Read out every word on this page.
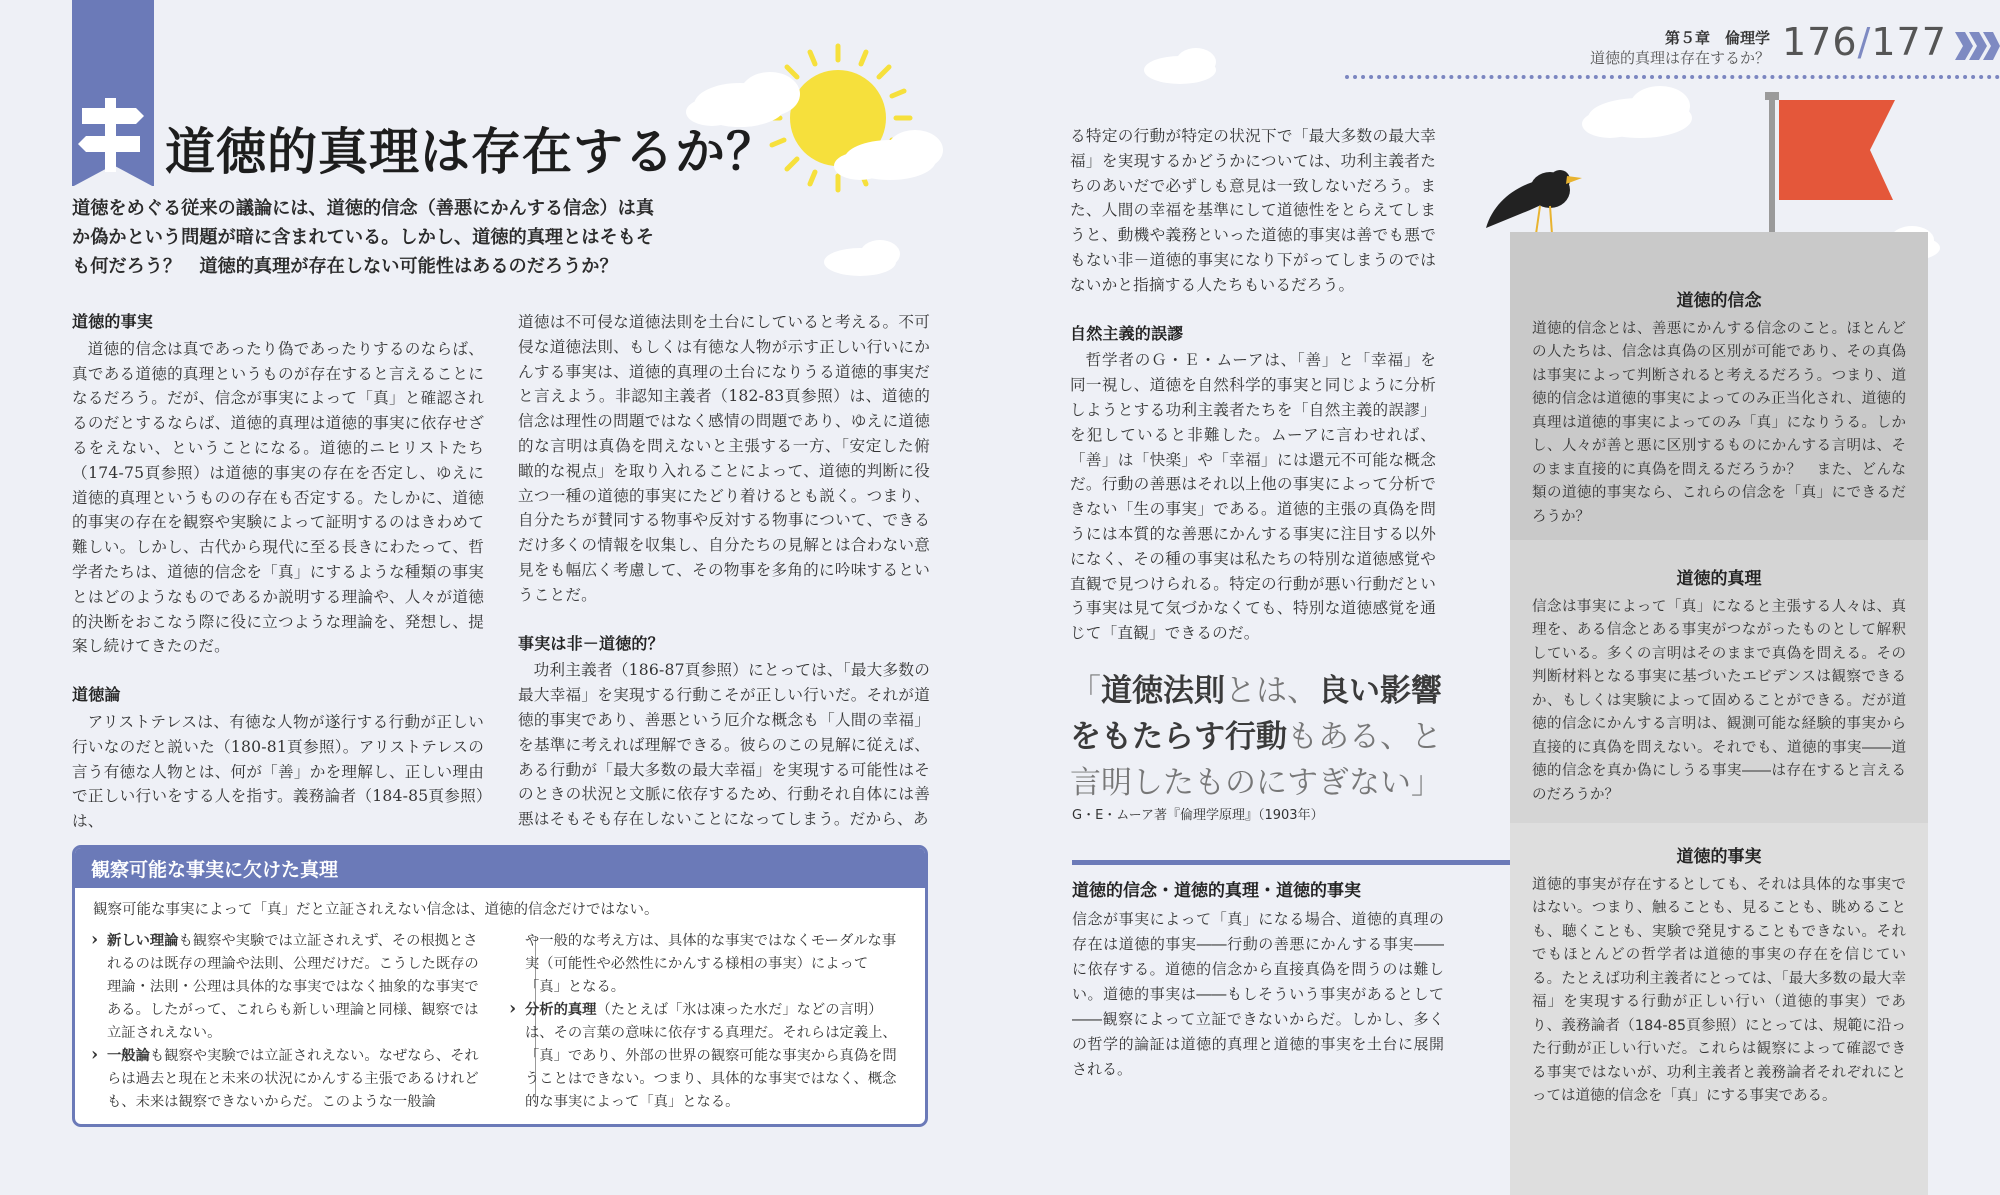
道徳的真理は存在するか？
道徳をめぐる従来の議論には、道徳的信念（善悪にかんする信念）は真か偽かという問題が暗に含まれている。しかし、道徳的真理とはそもそも何だろう？　道徳的真理が存在しない可能性はあるのだろうか？
第５章　倫理学
道徳的真理は存在するか？ 176/177
道徳的事実

道徳的信念は真であったり偽であったりするのならば、真である道徳的真理というものが存在すると言えることになるだろう。だが、信念が事実によって「真」と確認されるのだとするならば、道徳的真理は道徳的事実に依存せざるをえない、ということになる。道徳的ニヒリストたち（174-75頁参照）は道徳的事実の存在を否定し、ゆえに道徳的真理というものの存在も否定する。たしかに、道徳的事実の存在を観察や実験によって証明するのはきわめて難しい。しかし、古代から現代に至る長きにわたって、哲学者たちは、道徳的信念を「真」にするような種類の事実とはどのようなものであるか説明する理論や、人々が道徳的決断をおこなう際に役に立つような理論を、発想し、提案し続けてきたのだ。

道徳論

アリストテレスは、有徳な人物が遂行する行動が正しい行いなのだと説いた（180-81頁参照）。アリストテレスの言う有徳な人物とは、何が「善」かを理解し、正しい理由で正しい行いをする人を指す。義務論者（184-85頁参照）は、

道徳は不可侵な道徳法則を土台にしていると考える。不可侵な道徳法則、もしくは有徳な人物が示す正しい行いにかんする事実は、道徳的真理の土台になりうる道徳的事実だと言えよう。非認知主義者（182-83頁参照）は、道徳的信念は理性の問題ではなく感情の問題であり、ゆえに道徳的な言明は真偽を問えないと主張する一方、「安定した俯瞰的な視点」を取り入れることによって、道徳的判断に役立つ一種の道徳的事実にたどり着けるとも説く。つまり、自分たちが賛同する物事や反対する物事について、できるだけ多くの情報を収集し、自分たちの見解とは合わない意見をも幅広く考慮して、その物事を多角的に吟味するということだ。
事実は非－道徳的？

功利主義者（186-87頁参照）にとっては、「最大多数の最大幸福」を実現する行動こそが正しい行いだ。それが道徳的事実であり、善悪という厄介な概念も「人間の幸福」を基準に考えれば理解できる。彼らのこの見解に従えば、ある行動が「最大多数の最大幸福」を実現する可能性はそのときの状況と文脈に依存するため、行動それ自体には善悪はそもそも存在しないことになってしまう。だから、あ

る特定の行動が特定の状況下で「最大多数の最大幸福」を実現するかどうかについては、功利主義者たちのあいだで必ずしも意見は一致しないだろう。また、人間の幸福を基準にして道徳性をとらえてしまうと、動機や義務といった道徳的事実は善でも悪でもない非－道徳的事実になり下がってしまうのではないかと指摘する人たちもいるだろう。
自然主義的誤謬

哲学者のＧ・Ｅ・ムーアは、「善」と「幸福」を同一視し、道徳を自然科学的事実と同じように分析しようとする功利主義者たちを「自然主義的誤謬」を犯していると非難した。ムーアに言わせれば、「善」は「快楽」や「幸福」には還元不可能な概念だ。行動の善悪はそれ以上他の事実によって分析できない「生の事実」である。道徳的主張の真偽を問うには本質的な善悪にかんする事実に注目する以外になく、その種の事実は私たちの特別な道徳感覚や直観で見つけられる。特定の行動が悪い行動だという事実は見て気づかなくても、特別な道徳感覚を通じて「直観」できるのだ。

「道徳法則とは、良い影響をもたらす行動もある、と言明したものにすぎない」
G・E・ムーア著『倫理学原理』（1903年）
道徳的信念・道徳的真理・道徳的事実
信念が事実によって「真」になる場合、道徳的真理の存在は道徳的事実――行動の善悪にかんする事実――に依存する。道徳的信念から直接真偽を問うのは難しい。道徳的事実は――もしそういう事実があるとして――観察によって立証できないからだ。しかし、多くの哲学的論証は道徳的真理と道徳的事実を土台に展開される。
道徳的信念
道徳的信念とは、善悪にかんする信念のこと。ほとんどの人たちは、信念は真偽の区別が可能であり、その真偽は事実によって判断されると考えるだろう。つまり、道徳的信念は道徳的事実によってのみ正当化され、道徳的真理は道徳的事実によってのみ「真」になりうる。しかし、人々が善と悪に区別するものにかんする言明は、そのまま直接的に真偽を問えるだろうか？　また、どんな類の道徳的事実なら、これらの信念を「真」にできるだろうか？
道徳的真理
信念は事実によって「真」になると主張する人々は、真理を、ある信念とある事実がつながったものとして解釈している。多くの言明はそのままで真偽を問える。その判断材料となる事実に基づいたエビデンスは観察できるか、もしくは実験によって固めることができる。だが道徳的信念にかんする言明は、観測可能な経験的事実から直接的に真偽を問えない。それでも、道徳的事実――道徳的信念を真か偽にしうる事実――は存在すると言えるのだろうか？
道徳的事実
道徳的事実が存在するとしても、それは具体的な事実ではない。つまり、触ることも、見ることも、眺めることも、聴くことも、実験で発見することもできない。それでもほとんどの哲学者は道徳的事実の存在を信じている。たとえば功利主義者にとっては、「最大多数の最大幸福」を実現する行動が正しい行い（道徳的事実）であり、義務論者（184-85頁参照）にとっては、規範に沿った行動が正しい行いだ。これらは観察によって確認できる事実ではないが、功利主義者と義務論者それぞれにとっては道徳的信念を「真」にする事実である。
観察可能な事実に欠けた真理
観察可能な事実によって「真」だと立証されえない信念は、道徳的信念だけではない。
› 新しい理論も観察や実験では立証されえず、その根拠とされるのは既存の理論や法則、公理だけだ。こうした既存の理論・法則・公理は具体的な事実ではなく抽象的な事実である。したがって、これらも新しい理論と同様、観察では立証されえない。
› 一般論も観察や実験では立証されえない。なぜなら、それらは過去と現在と未来の状況にかんする主張であるけれども、未来は観察できないからだ。このような一般論
や一般的な考え方は、具体的な事実ではなくモーダルな事実（可能性や必然性にかんする様相の事実）によって「真」となる。
› 分析的真理（たとえば「氷は凍った水だ」などの言明）は、その言葉の意味に依存する真理だ。それらは定義上、「真」であり、外部の世界の観察可能な事実から真偽を問うことはできない。つまり、具体的な事実ではなく、概念的な事実によって「真」となる。
